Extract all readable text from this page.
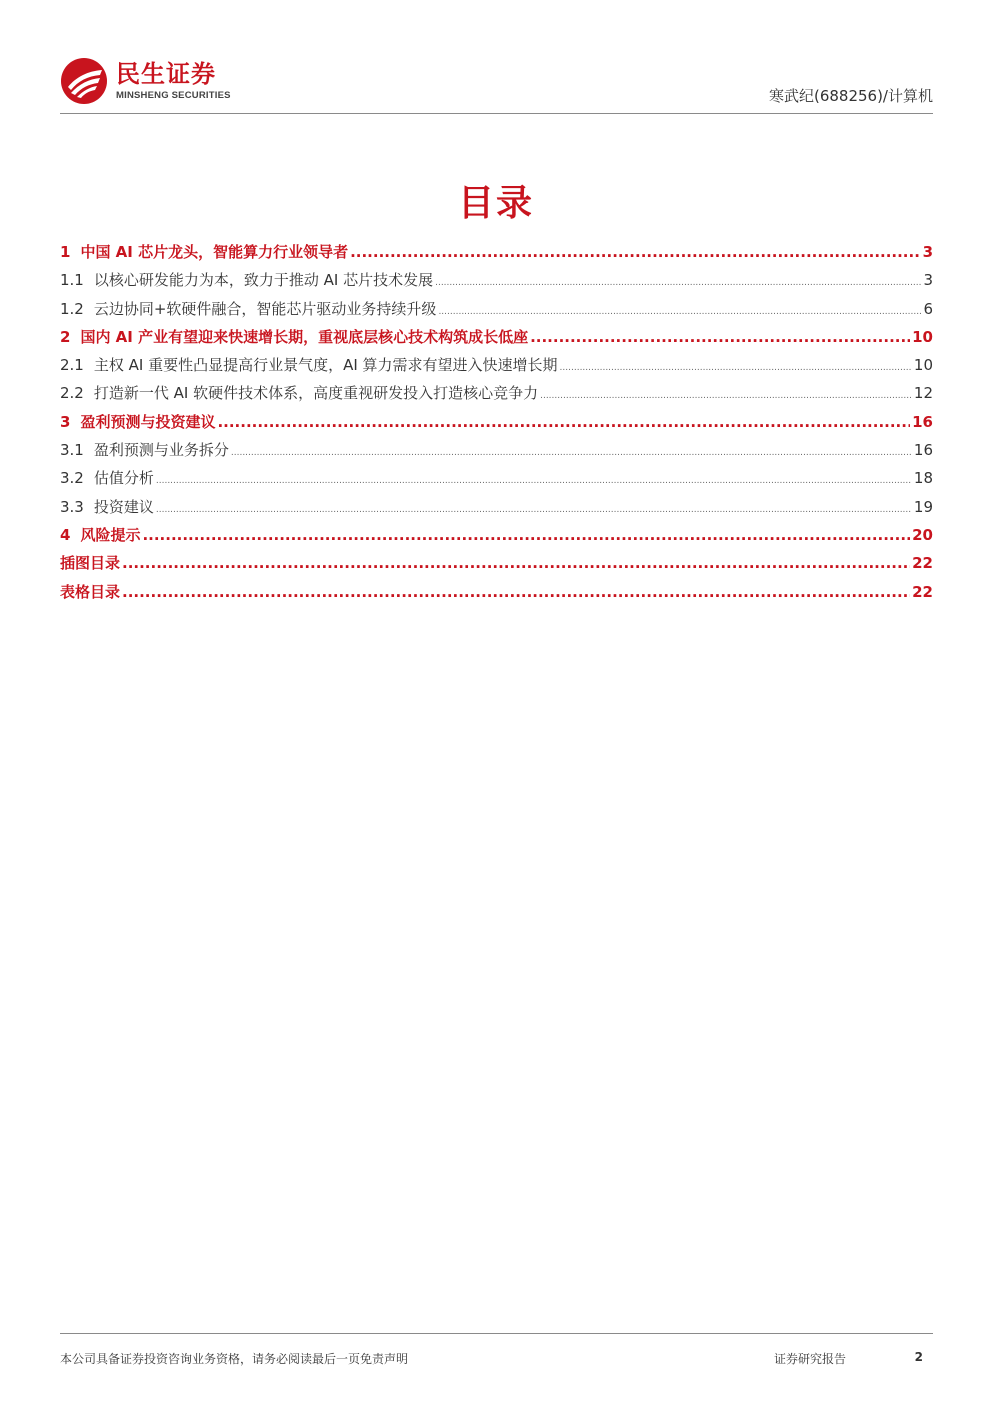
民生证券
MINSHENG SECURITIES	寒武纪(688256)/计算机
目录
1 中国 AI 芯片龙头，智能算力行业领导者 .....	3
1.1 以核心研发能力为本，致力于推动 AI 芯片技术发展 .....	3
1.2 云边协同+软硬件融合，智能芯片驱动业务持续升级 .....	6
2 国内 AI 产业有望迎来快速增长期，重视底层核心技术构筑成长低座 .....	10
2.1 主权 AI 重要性凸显提高行业景气度，AI 算力需求有望进入快速增长期 .....	10
2.2 打造新一代 AI 软硬件技术体系，高度重视研发投入打造核心竞争力 .....	12
3 盈利预测与投资建议 .....	16
3.1 盈利预测与业务拆分 .....	16
3.2 估值分析 .....	18
3.3 投资建议 .....	19
4 风险提示 .....	20
插图目录 .....	22
表格目录 .....	22
本公司具备证券投资咨询业务资格，请务必阅读最后一页免责声明	证券研究报告	2
